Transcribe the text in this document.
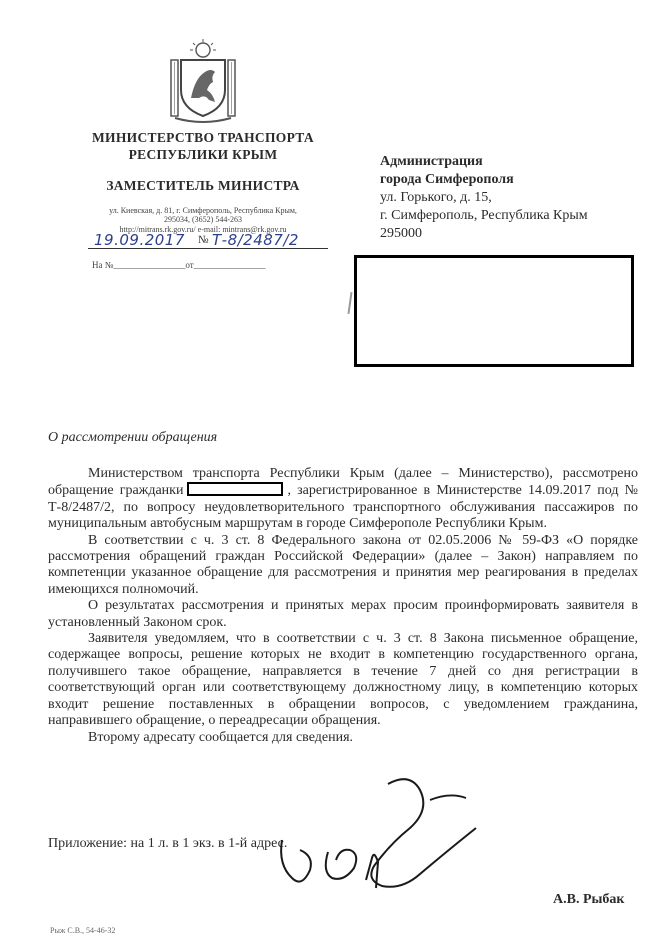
МИНИСТЕРСТВО ТРАНСПОРТА
РЕСПУБЛИКИ КРЫМ
ЗАМЕСТИТЕЛЬ МИНИСТРА
ул. Киевская, д. 81, г. Симферополь, Республика Крым,
295034, (3652) 544-263
http://mitrans.rk.gov.ru/ e-mail: mintrans@rk.gov.ru
19.09.2017 № Т-8/2487/2
На №________________от________________
Администрация
города Симферополя
ул. Горького, д. 15,
г. Симферополь, Республика Крым
295000
О рассмотрении обращения

Министерством транспорта Республики Крым (далее – Министерство), рассмотрено обращение гражданки	, зарегистрированное в Министерстве 14.09.2017 под № Т-8/2487/2, по вопросу неудовлетворительного транспортного обслуживания пассажиров по муниципальным автобусным маршрутам в городе Симферополе Республики Крым.

В соответствии с ч. 3 ст. 8 Федерального закона от 02.05.2006 № 59-ФЗ «О порядке рассмотрения обращений граждан Российской Федерации» (далее – Закон) направляем по компетенции указанное обращение для рассмотрения и принятия мер реагирования в пределах имеющихся полномочий.

О результатах рассмотрения и принятых мерах просим проинформировать заявителя в установленный Законом срок.

Заявителя уведомляем, что в соответствии с ч. 3 ст. 8 Закона письменное обращение, содержащее вопросы, решение которых не входит в компетенцию государственного органа, получившего такое обращение, направляется в течение 7 дней со дня регистрации в соответствующий орган или соответствующему должностному лицу, в компетенцию которых входит решение поставленных в обращении вопросов, с уведомлением гражданина, направившего обращение, о переадресации обращения.

Второму адресату сообщается для сведения.

Приложение: на 1 л. в 1 экз. в 1-й адрес.
А.В. Рыбак
Рыж С.В., 54-46-32
